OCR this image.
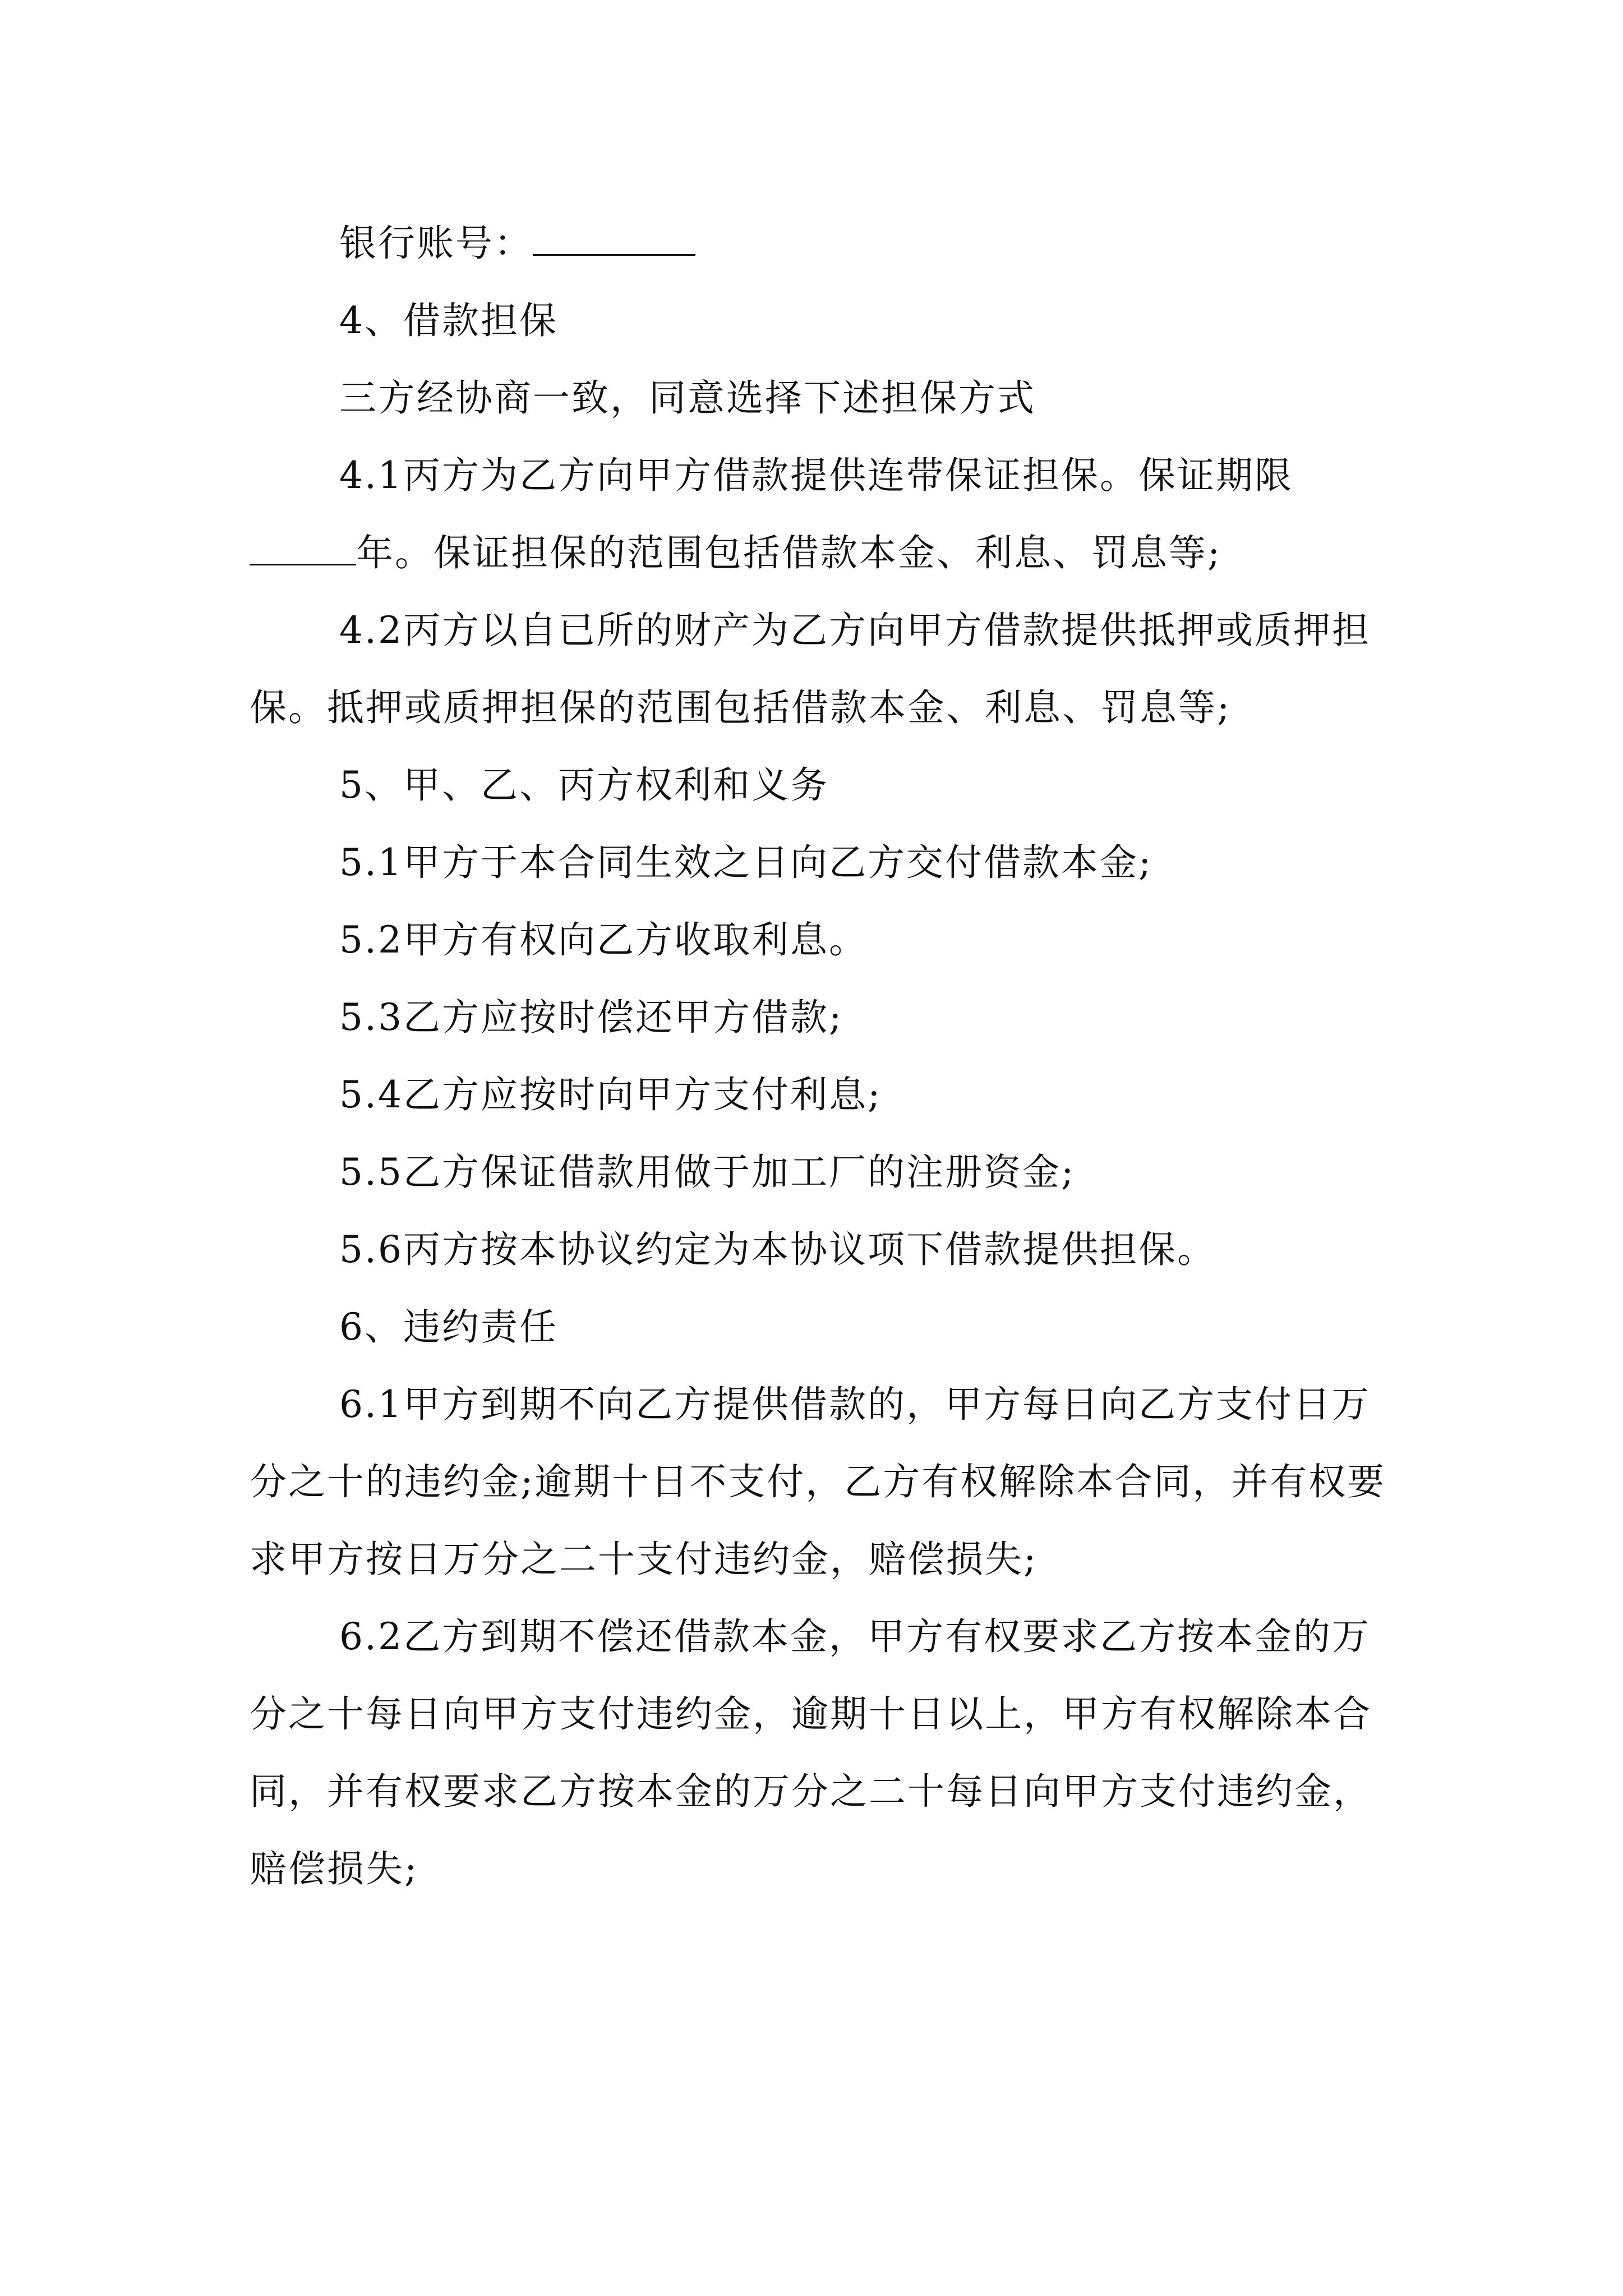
银行账号：

4、借款担保

三方经协商一致，同意选择下述担保方式

4.1丙方为乙方向甲方借款提供连带保证担保。保证期限年。保证担保的范围包括借款本金、利息、罚息等;

4.2丙方以自已所的财产为乙方向甲方借款提供抵押或质押担保。抵押或质押担保的范围包括借款本金、利息、罚息等;

5、甲、乙、丙方权利和义务

5.1甲方于本合同生效之日向乙方交付借款本金;

5.2甲方有权向乙方收取利息。

5.3乙方应按时偿还甲方借款;

5.4乙方应按时向甲方支付利息;

5.5乙方保证借款用做于加工厂的注册资金;

5.6丙方按本协议约定为本协议项下借款提供担保。

6、违约责任

6.1甲方到期不向乙方提供借款的，甲方每日向乙方支付日万分之十的违约金;逾期十日不支付，乙方有权解除本合同，并有权要求甲方按日万分之二十支付违约金，赔偿损失;

6.2乙方到期不偿还借款本金，甲方有权要求乙方按本金的万分之十每日向甲方支付违约金，逾期十日以上，甲方有权解除本合同，并有权要求乙方按本金的万分之二十每日向甲方支付违约金，赔偿损失;
